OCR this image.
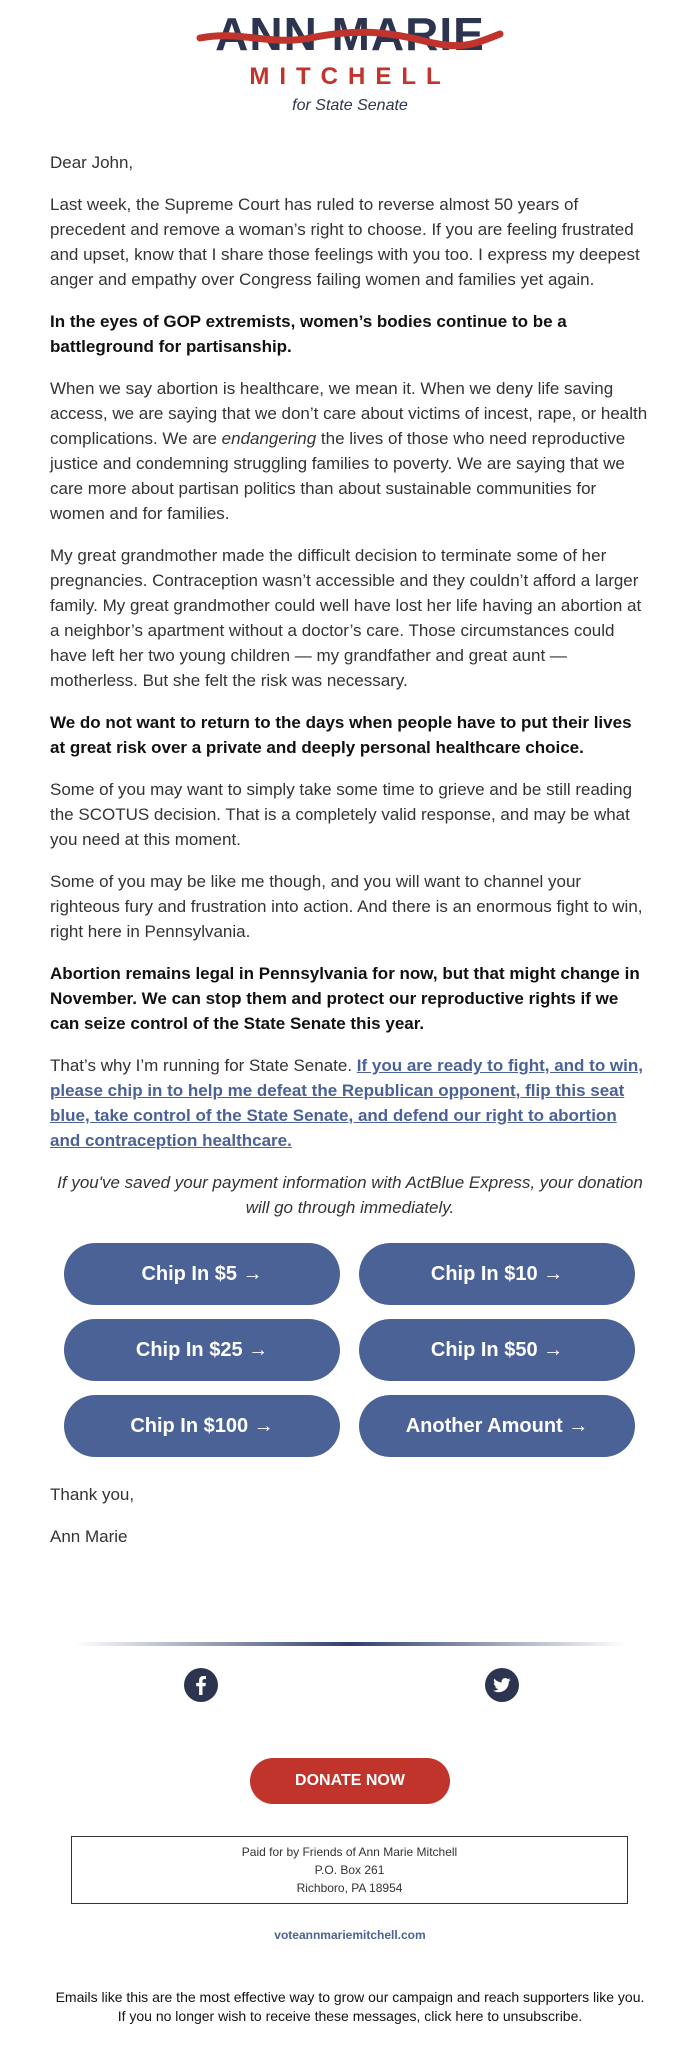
ANN MARIE
MITCHELL
for State Senate

Dear John,

Last week, the Supreme Court has ruled to reverse almost 50 years of precedent and remove a woman’s right to choose. If you are feeling frustrated and upset, know that I share those feelings with you too. I express my deepest anger and empathy over Congress failing women and families yet again.

In the eyes of GOP extremists, women’s bodies continue to be a battleground for partisanship.

When we say abortion is healthcare, we mean it. When we deny life saving access, we are saying that we don’t care about victims of incest, rape, or health complications. We are endangering the lives of those who need reproductive justice and condemning struggling families to poverty. We are saying that we care more about partisan politics than about sustainable communities for women and for families.

My great grandmother made the difficult decision to terminate some of her pregnancies. Contraception wasn’t accessible and they couldn’t afford a larger family. My great grandmother could well have lost her life having an abortion at a neighbor’s apartment without a doctor’s care. Those circumstances could have left her two young children — my grandfather and great aunt — motherless. But she felt the risk was necessary.

We do not want to return to the days when people have to put their lives at great risk over a private and deeply personal healthcare choice.

Some of you may want to simply take some time to grieve and be still reading the SCOTUS decision. That is a completely valid response, and may be what you need at this moment.

Some of you may be like me though, and you will want to channel your righteous fury and frustration into action. And there is an enormous fight to win, right here in Pennsylvania.

Abortion remains legal in Pennsylvania for now, but that might change in November. We can stop them and protect our reproductive rights if we can seize control of the State Senate this year.

That’s why I’m running for State Senate. If you are ready to fight, and to win, please chip in to help me defeat the Republican opponent, flip this seat blue, take control of the State Senate, and defend our right to abortion and contraception healthcare.

If you've saved your payment information with ActBlue Express, your donation will go through immediately.
Chip In $5 →	Chip In $10 →
Chip In $25 →	Chip In $50 →
Chip In $100 →	Another Amount →
Thank you,
Ann Marie
DONATE NOW
Paid for by Friends of Ann Marie Mitchell
P.O. Box 261
Richboro, PA 18954
voteannmariemitchell.com
Emails like this are the most effective way to grow our campaign and reach supporters like you.
If you no longer wish to receive these messages, click here to unsubscribe.
